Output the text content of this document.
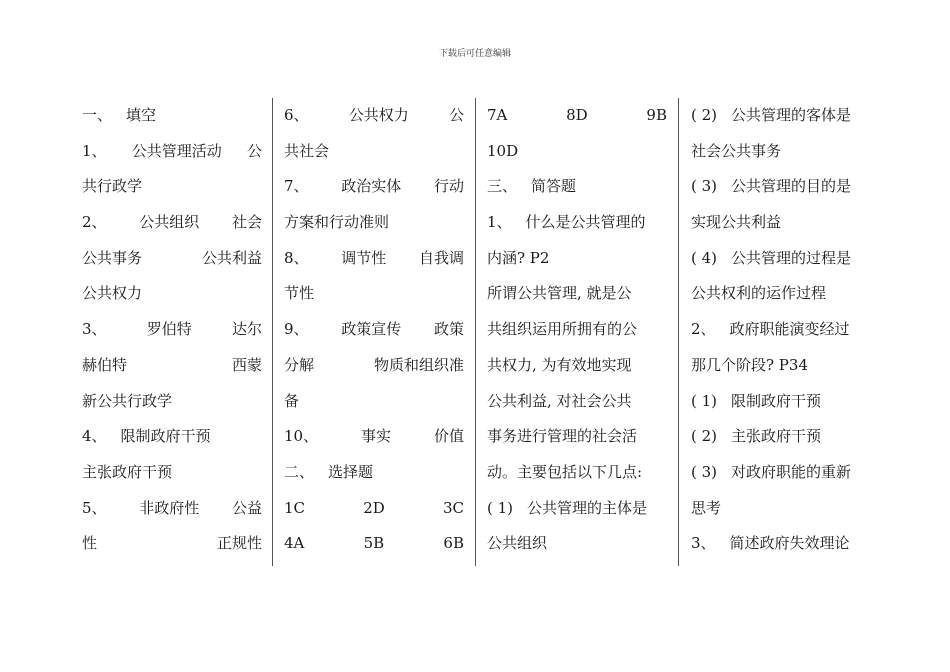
下载后可任意编辑
一、 填空
1、 公共管理活动 公
共行政学
2、 公共组织 社会
公共事务	公共利益
公共权力
3、	罗伯特	达尔
赫伯特	西蒙
新公共行政学
4、 限制政府干预
主张政府干预
5、 非政府性 公益
性	正规性
6、	公共权力	公
共社会
7、 政治实体 行动
方案和行动准则
8、 调节性 自我调
节性
9、 政策宣传 政策
分解	物质和组织准
备
10、	事实	价值
二、 选择题
1C	2D	3C
4A	5B	6B
7A	8D	9B
10D
三、 简答题
1、 什么是公共管理的
内涵? P2
所谓公共管理, 就是公
共组织运用所拥有的公
共权力, 为有效地实现
公共利益, 对社会公共
事务进行管理的社会活
动。主要包括以下几点:
( 1) 公共管理的主体是
公共组织
( 2) 公共管理的客体是
社会公共事务
( 3) 公共管理的目的是
实现公共利益
( 4) 公共管理的过程是
公共权利的运作过程
2、 政府职能演变经过
那几个阶段? P34
( 1) 限制政府干预
( 2) 主张政府干预
( 3) 对政府职能的重新
思考
3、 简述政府失效理论
